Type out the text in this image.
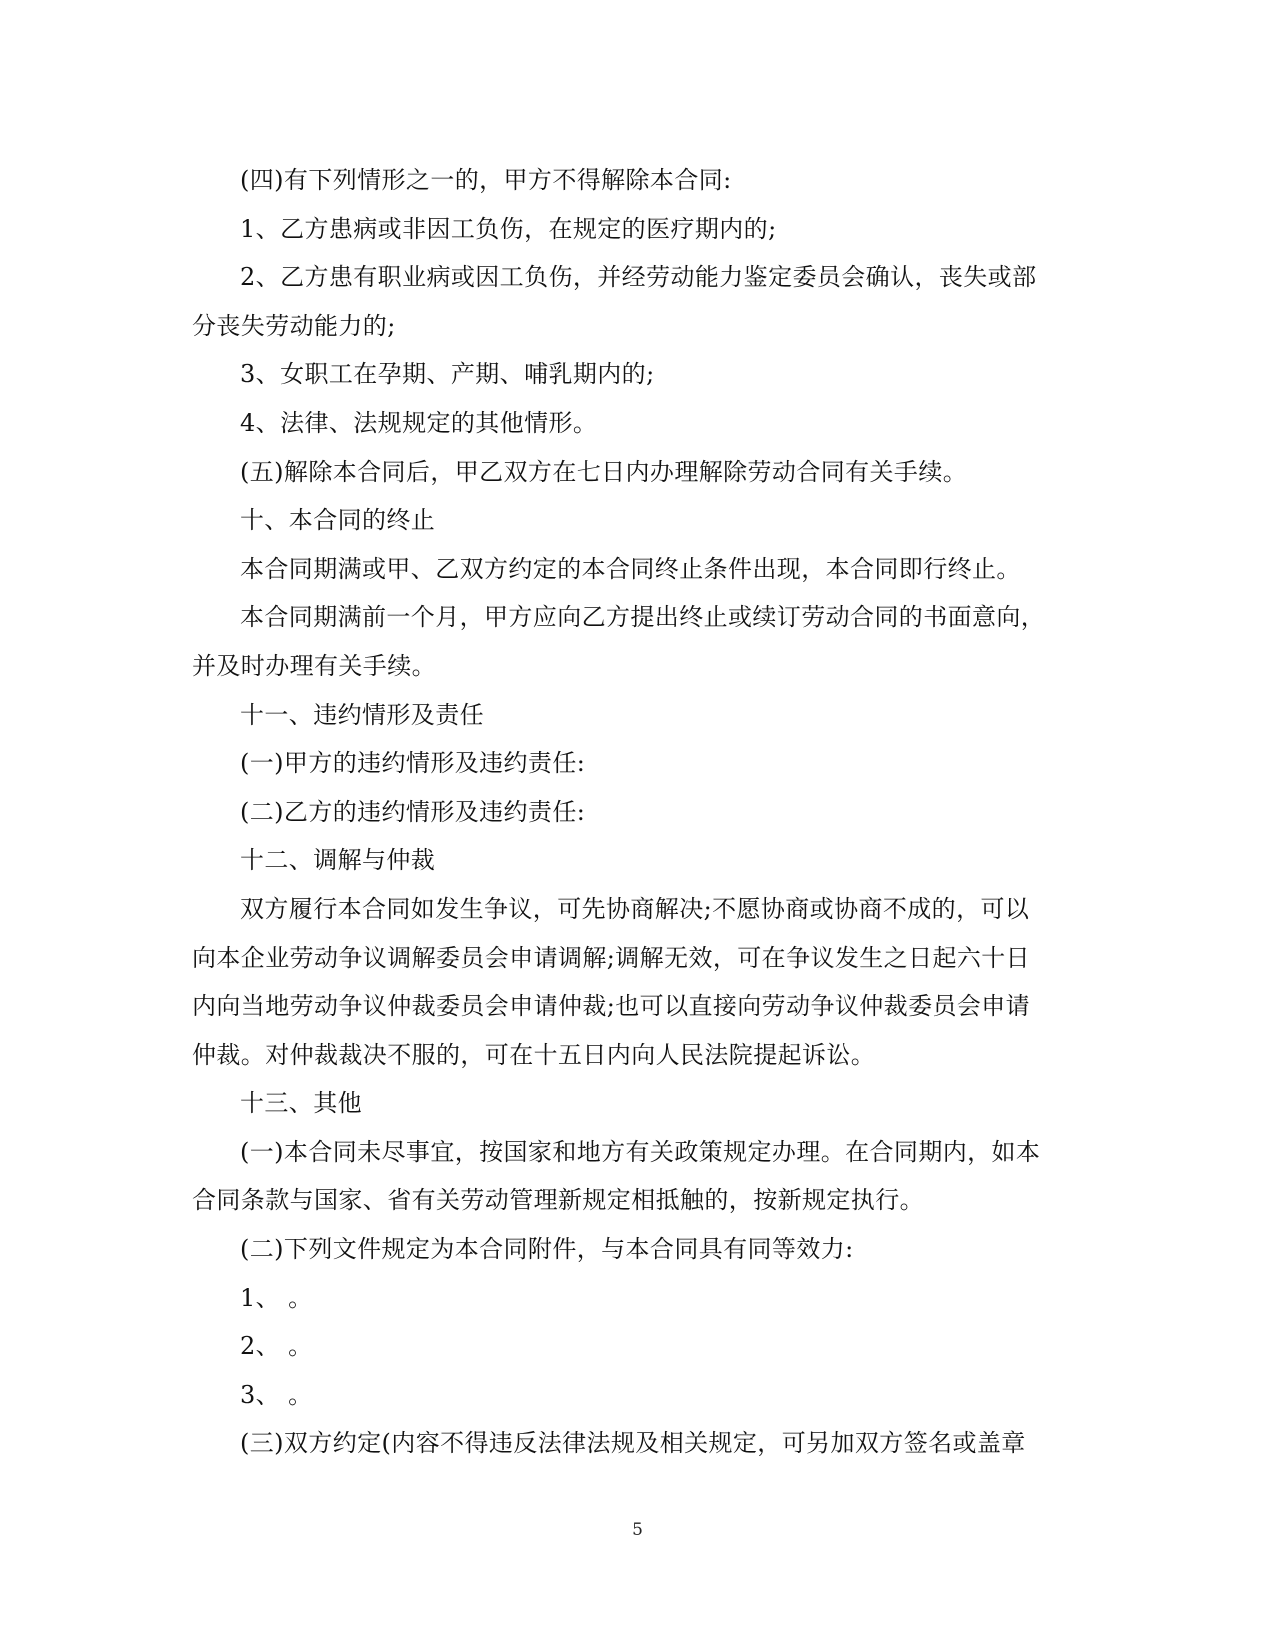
(四)有下列情形之一的，甲方不得解除本合同:
1、乙方患病或非因工负伤，在规定的医疗期内的;
2、乙方患有职业病或因工负伤，并经劳动能力鉴定委员会确认，丧失或部
分丧失劳动能力的;
3、女职工在孕期、产期、哺乳期内的;
4、法律、法规规定的其他情形。
(五)解除本合同后，甲乙双方在七日内办理解除劳动合同有关手续。
十、本合同的终止
本合同期满或甲、乙双方约定的本合同终止条件出现，本合同即行终止。
本合同期满前一个月，甲方应向乙方提出终止或续订劳动合同的书面意向，
并及时办理有关手续。
十一、违约情形及责任
(一)甲方的违约情形及违约责任:
(二)乙方的违约情形及违约责任:
十二、调解与仲裁
双方履行本合同如发生争议，可先协商解决;不愿协商或协商不成的，可以
向本企业劳动争议调解委员会申请调解;调解无效，可在争议发生之日起六十日
内向当地劳动争议仲裁委员会申请仲裁;也可以直接向劳动争议仲裁委员会申请
仲裁。对仲裁裁决不服的，可在十五日内向人民法院提起诉讼。
十三、其他
(一)本合同未尽事宜，按国家和地方有关政策规定办理。在合同期内，如本
合同条款与国家、省有关劳动管理新规定相抵触的，按新规定执行。
(二)下列文件规定为本合同附件，与本合同具有同等效力:
1、 。
2、 。
3、 。
(三)双方约定(内容不得违反法律法规及相关规定，可另加双方签名或盖章
5
